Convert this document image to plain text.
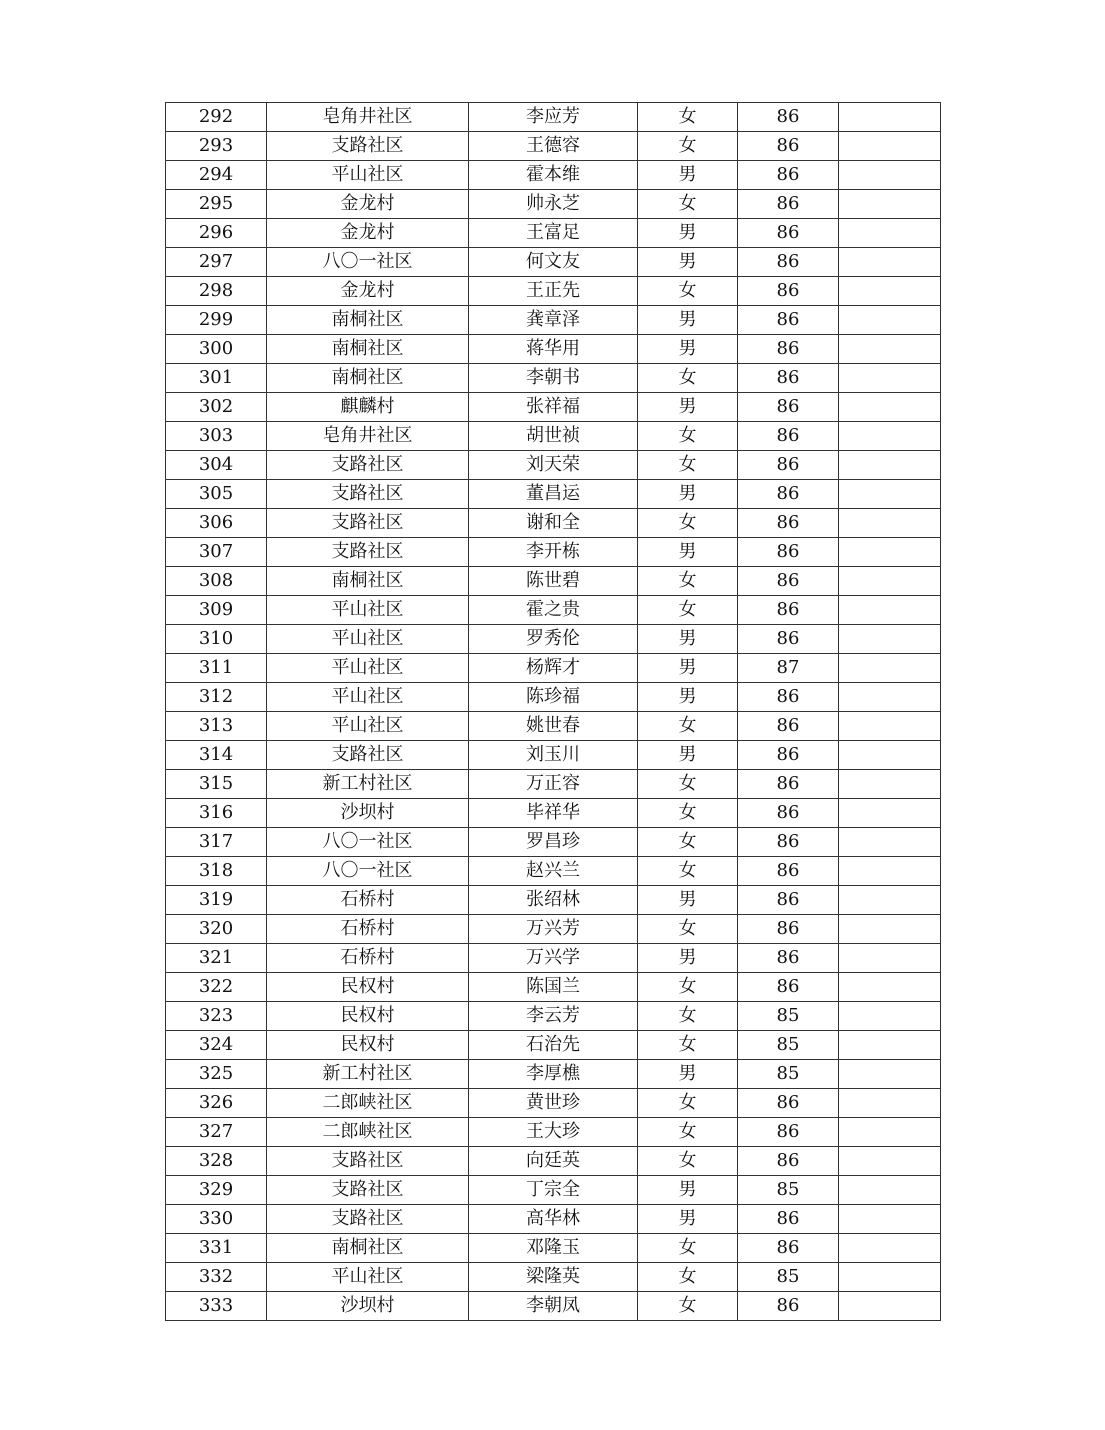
292	皂角井社区	李应芳	女	86	
293	支路社区	王德容	女	86	
294	平山社区	霍本维	男	86	
295	金龙村	帅永芝	女	86	
296	金龙村	王富足	男	86	
297	八〇一社区	何文友	男	86	
298	金龙村	王正先	女	86	
299	南桐社区	龚章泽	男	86	
300	南桐社区	蒋华用	男	86	
301	南桐社区	李朝书	女	86	
302	麒麟村	张祥福	男	86	
303	皂角井社区	胡世祯	女	86	
304	支路社区	刘天荣	女	86	
305	支路社区	董昌运	男	86	
306	支路社区	谢和全	女	86	
307	支路社区	李开栋	男	86	
308	南桐社区	陈世碧	女	86	
309	平山社区	霍之贵	女	86	
310	平山社区	罗秀伦	男	86	
311	平山社区	杨辉才	男	87	
312	平山社区	陈珍福	男	86	
313	平山社区	姚世春	女	86	
314	支路社区	刘玉川	男	86	
315	新工村社区	万正容	女	86	
316	沙坝村	毕祥华	女	86	
317	八〇一社区	罗昌珍	女	86	
318	八〇一社区	赵兴兰	女	86	
319	石桥村	张绍林	男	86	
320	石桥村	万兴芳	女	86	
321	石桥村	万兴学	男	86	
322	民权村	陈国兰	女	86	
323	民权村	李云芳	女	85	
324	民权村	石治先	女	85	
325	新工村社区	李厚樵	男	85	
326	二郎峡社区	黄世珍	女	86	
327	二郎峡社区	王大珍	女	86	
328	支路社区	向廷英	女	86	
329	支路社区	丁宗全	男	85	
330	支路社区	高华林	男	86	
331	南桐社区	邓隆玉	女	86	
332	平山社区	梁隆英	女	85	
333	沙坝村	李朝凤	女	86	
